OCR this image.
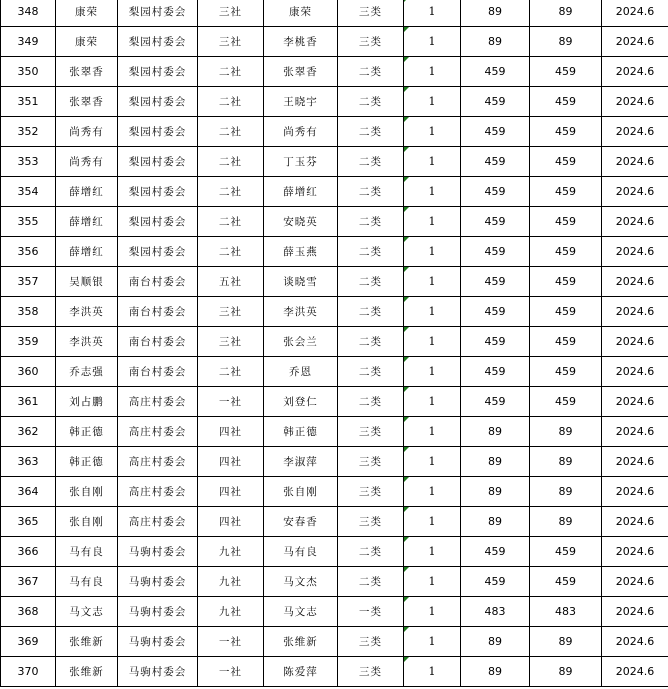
348	康荣	梨园村委会	三社	康荣	三类	1	89	89	2024.6
349	康荣	梨园村委会	三社	李桃香	三类	1	89	89	2024.6
350	张翠香	梨园村委会	二社	张翠香	二类	1	459	459	2024.6
351	张翠香	梨园村委会	二社	王晓宇	二类	1	459	459	2024.6
352	尚秀有	梨园村委会	二社	尚秀有	二类	1	459	459	2024.6
353	尚秀有	梨园村委会	二社	丁玉芬	二类	1	459	459	2024.6
354	薛增红	梨园村委会	二社	薛增红	二类	1	459	459	2024.6
355	薛增红	梨园村委会	二社	安晓英	二类	1	459	459	2024.6
356	薛增红	梨园村委会	二社	薛玉燕	二类	1	459	459	2024.6
357	吴顺银	南台村委会	五社	谈晓雪	二类	1	459	459	2024.6
358	李洪英	南台村委会	三社	李洪英	二类	1	459	459	2024.6
359	李洪英	南台村委会	三社	张会兰	二类	1	459	459	2024.6
360	乔志强	南台村委会	二社	乔恩	二类	1	459	459	2024.6
361	刘占鹏	高庄村委会	一社	刘登仁	二类	1	459	459	2024.6
362	韩正德	高庄村委会	四社	韩正德	三类	1	89	89	2024.6
363	韩正德	高庄村委会	四社	李淑萍	三类	1	89	89	2024.6
364	张自刚	高庄村委会	四社	张自刚	三类	1	89	89	2024.6
365	张自刚	高庄村委会	四社	安春香	三类	1	89	89	2024.6
366	马有良	马驹村委会	九社	马有良	二类	1	459	459	2024.6
367	马有良	马驹村委会	九社	马文杰	二类	1	459	459	2024.6
368	马文志	马驹村委会	九社	马文志	一类	1	483	483	2024.6
369	张维新	马驹村委会	一社	张维新	三类	1	89	89	2024.6
370	张维新	马驹村委会	一社	陈爱萍	三类	1	89	89	2024.6
